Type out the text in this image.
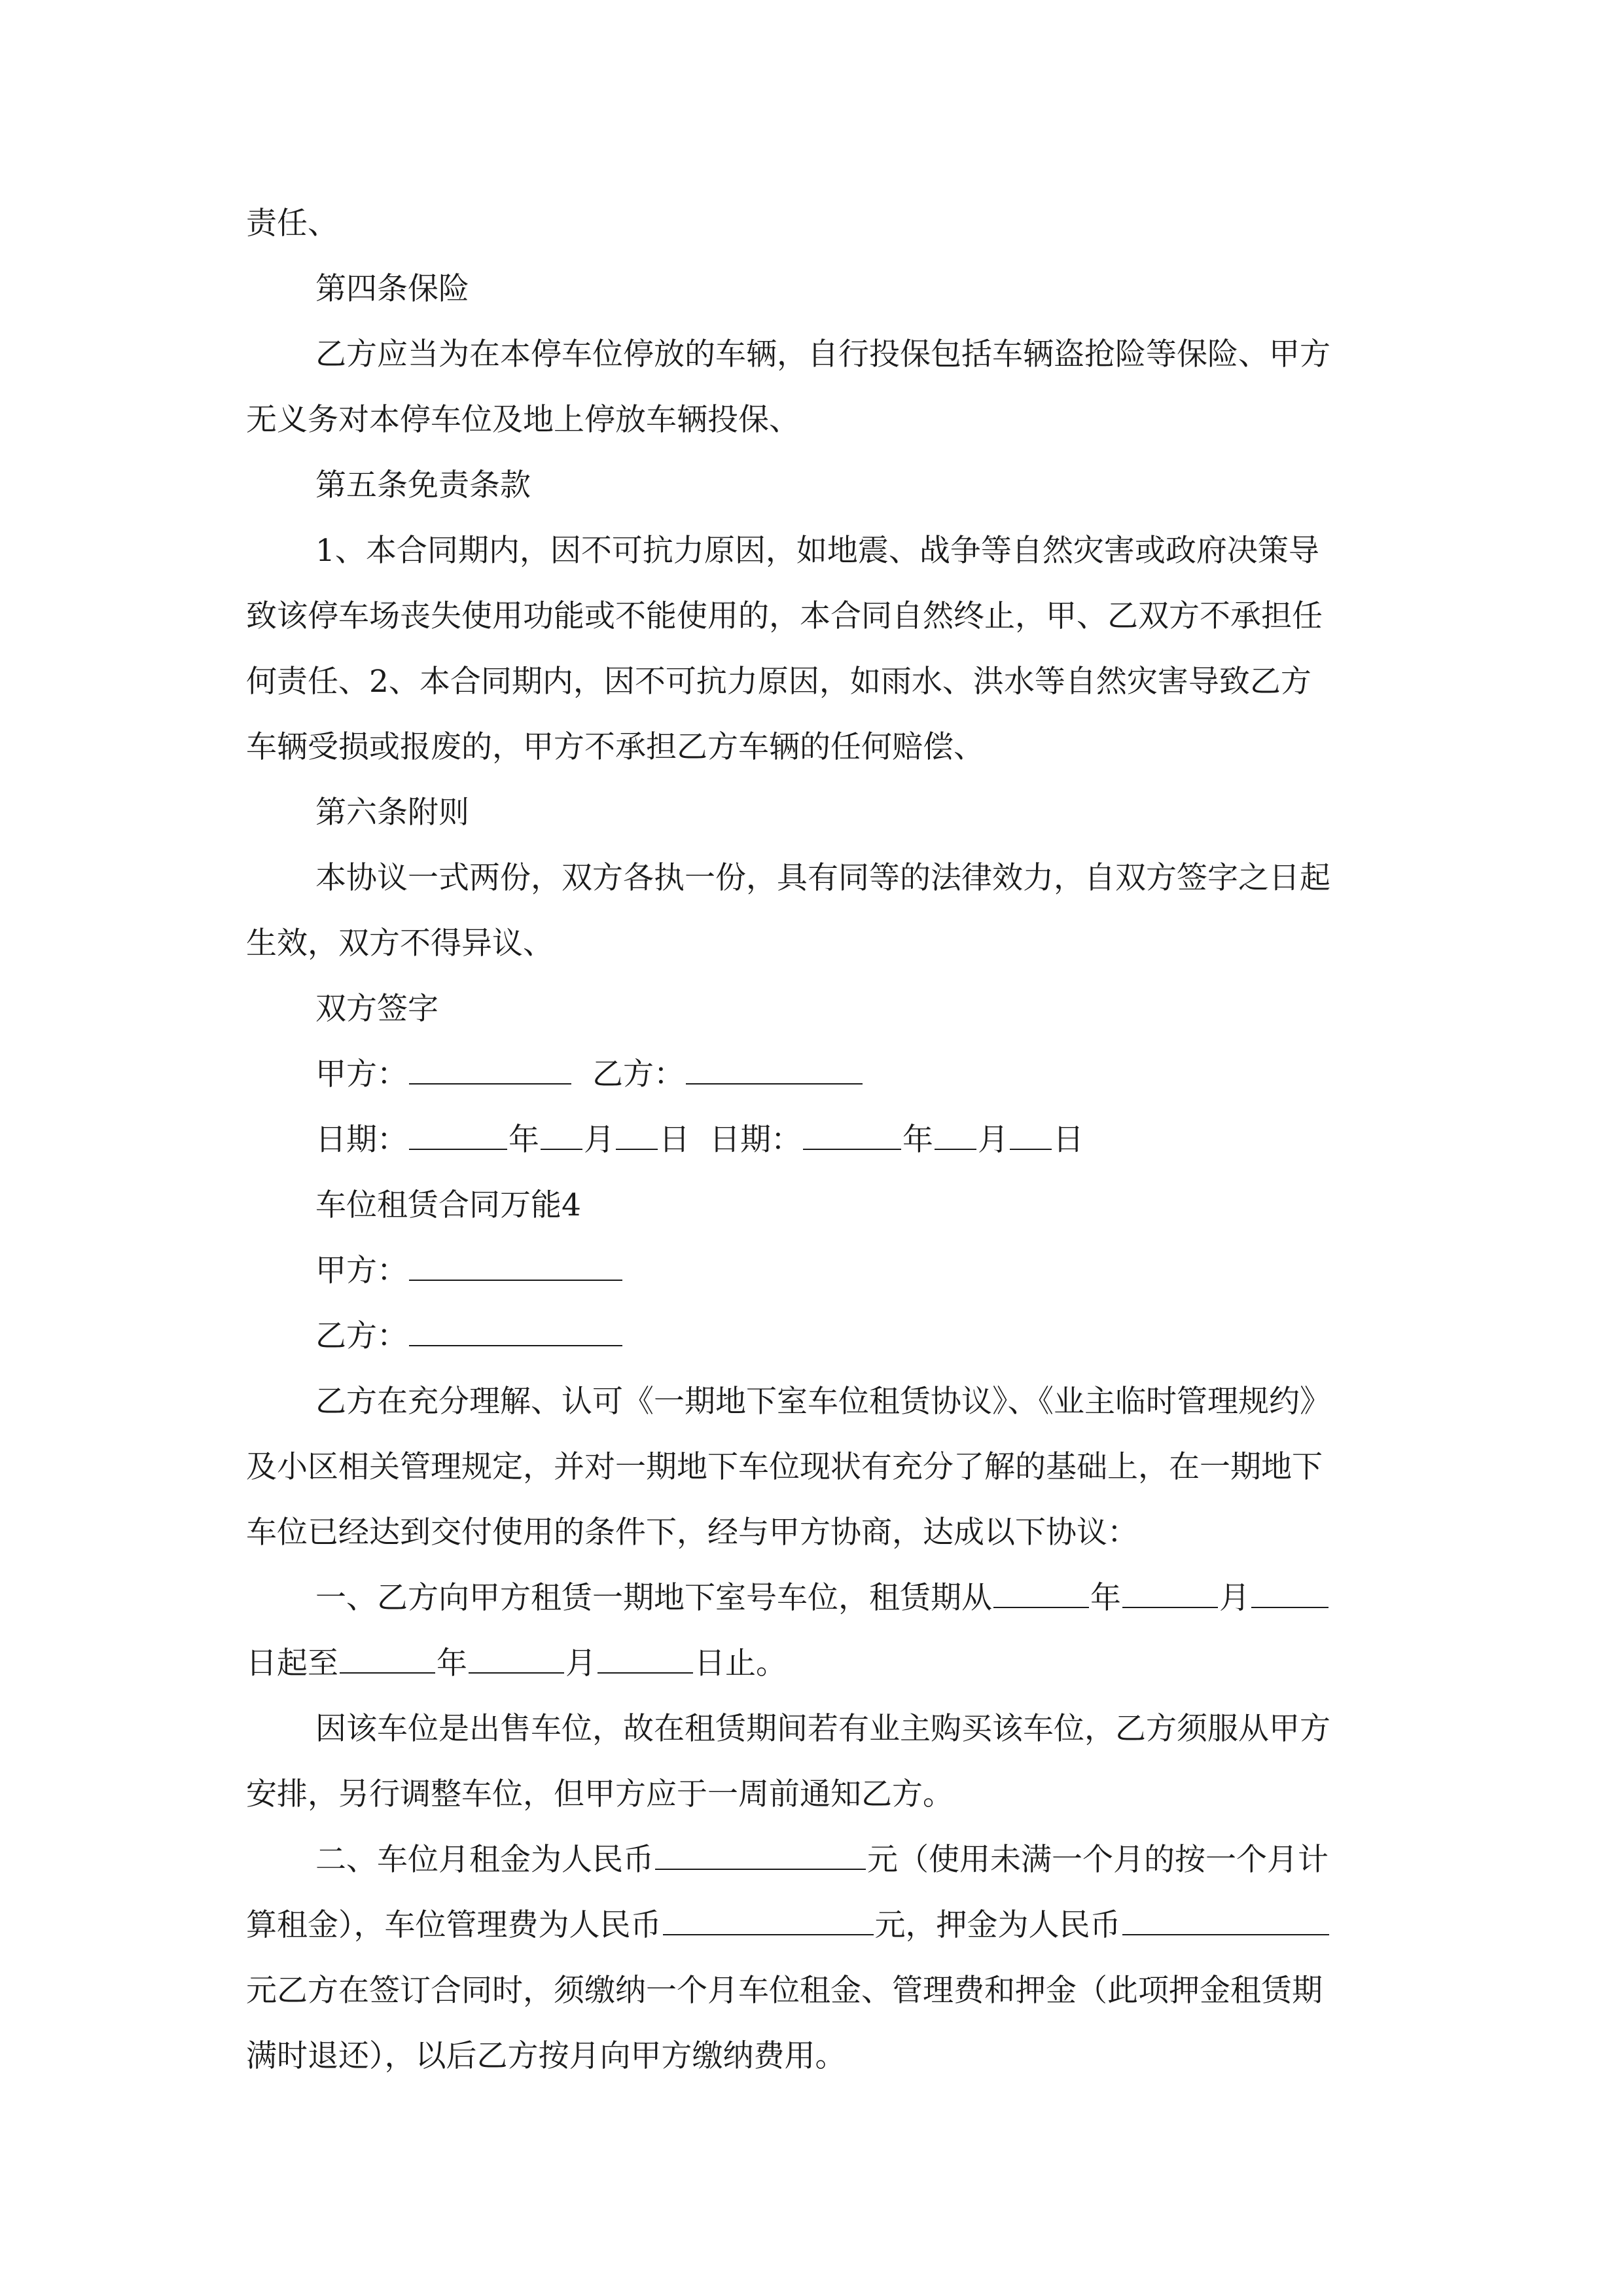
责任、
第四条保险
乙方应当为在本停车位停放的车辆，自行投保包括车辆盗抢险等保险、甲方
无义务对本停车位及地上停放车辆投保、
第五条免责条款
1、本合同期内，因不可抗力原因，如地震、战争等自然灾害或政府决策导
致该停车场丧失使用功能或不能使用的，本合同自然终止，甲、乙双方不承担任
何责任、2、本合同期内，因不可抗力原因，如雨水、洪水等自然灾害导致乙方
车辆受损或报废的，甲方不承担乙方车辆的任何赔偿、
第六条附则
本协议一式两份，双方各执一份，具有同等的法律效力，自双方签字之日起
生效，双方不得异议、
双方签字
甲方：	乙方：
日期：	年 月 日 日期：	年 月 日
车位租赁合同万能4
甲方：
乙方：
乙方在充分理解、认可《一期地下室车位租赁协议》、《业主临时管理规约》
及小区相关管理规定，并对一期地下车位现状有充分了解的基础上，在一期地下
车位已经达到交付使用的条件下，经与甲方协商，达成以下协议：
一、乙方向甲方租赁一期地下室号车位，租赁期从	年	月
日起至	年	月	日止。
因该车位是出售车位，故在租赁期间若有业主购买该车位，乙方须服从甲方
安排，另行调整车位，但甲方应于一周前通知乙方。
二、车位月租金为人民币	元（使用未满一个月的按一个月计
算租金），车位管理费为人民币	元，押金为人民币
元乙方在签订合同时，须缴纳一个月车位租金、管理费和押金（此项押金租赁期
满时退还），以后乙方按月向甲方缴纳费用。
